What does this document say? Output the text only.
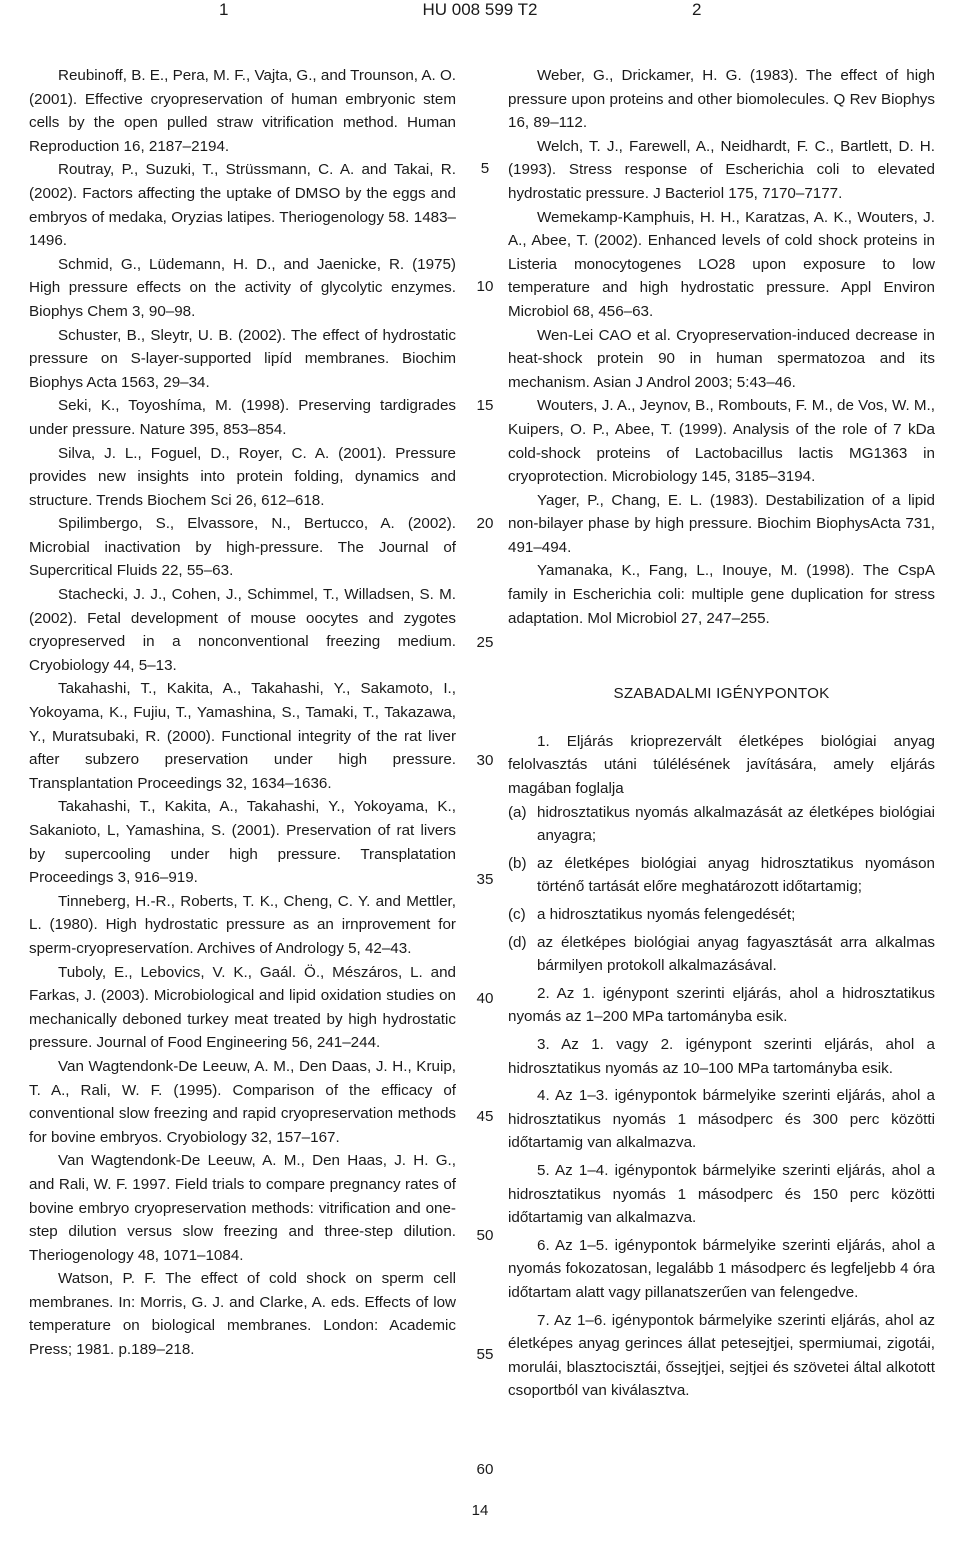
1	HU 008 599 T2	2

Reubinoff, B. E., Pera, M. F., Vajta, G., and Trounson, A. O. (2001). Effective cryopreservation of human embryonic stem cells by the open pulled straw vitrification method. Human Reproduction 16, 2187–2194.

Routray, P., Suzuki, T., Strüssmann, C. A. and Takai, R. (2002). Factors affecting the uptake of DMSO by the eggs and embryos of medaka, Oryzias latipes. Theriogenology 58. 1483–1496.

Schmid, G., Lüdemann, H. D., and Jaenicke, R. (1975) High pressure effects on the activity of glycolytic enzymes. Biophys Chem 3, 90–98.

Schuster, B., Sleytr, U. B. (2002). The effect of hydrostatic pressure on S-layer-supported lipíd membranes. Biochim Biophys Acta 1563, 29–34.

Seki, K., Toyoshíma, M. (1998). Preserving tardigrades under pressure. Nature 395, 853–854.

Silva, J. L., Foguel, D., Royer, C. A. (2001). Pressure provides new insights into protein folding, dynamics and structure. Trends Biochem Sci 26, 612–618.

Spilimbergo, S., Elvassore, N., Bertucco, A. (2002). Microbial inactivation by high-pressure. The Journal of Supercritical Fluids 22, 55–63.

Stachecki, J. J., Cohen, J., Schimmel, T., Willadsen, S. M. (2002). Fetal development of mouse oocytes and zygotes cryopreserved in a nonconventional freezing medium. Cryobiology 44, 5–13.

Takahashi, T., Kakita, A., Takahashi, Y., Sakamoto, I., Yokoyama, K., Fujiu, T., Yamashina, S., Tamaki, T., Takazawa, Y., Muratsubaki, R. (2000). Functional integrity of the rat liver after subzero preservation under high pressure. Transplantation Proceedings 32, 1634–1636.

Takahashi, T., Kakita, A., Takahashi, Y., Yokoyama, K., Sakanioto, L, Yamashina, S. (2001). Preservation of rat livers by supercooling under high pressure. Transplatation Proceedings 3, 916–919.

Tinneberg, H.-R., Roberts, T. K., Cheng, C. Y. and Mettler, L. (1980). High hydrostatic pressure as an irnprovement for sperm-cryopreservatíon. Archives of Andrology 5, 42–43.

Tuboly, E., Lebovics, V. K., Gaál. Ö., Mészáros, L. and Farkas, J. (2003). Microbiological and lipid oxidation studies on mechanically deboned turkey meat treated by high hydrostatic pressure. Journal of Food Engineering 56, 241–244.

Van Wagtendonk-De Leeuw, A. M., Den Daas, J. H., Kruip, T. A., Rali, W. F. (1995). Comparison of the efficacy of conventional slow freezing and rapid cryopreservation methods for bovine embryos. Cryobiology 32, 157–167.

Van Wagtendonk-De Leeuw, A. M., Den Haas, J. H. G., and Rali, W. F. 1997. Field trials to compare pregnancy rates of bovine embryo cryopreservation methods: vitrification and one-step dilution versus slow freezing and three-step dilution. Theriogenology 48, 1071–1084.

Watson, P. F. The effect of cold shock on sperm cell membranes. In: Morris, G. J. and Clarke, A. eds. Effects of low temperature on biological membranes. London: Academic Press; 1981. p.189–218.

Weber, G., Drickamer, H. G. (1983). The effect of high pressure upon proteins and other biomolecules. Q Rev Biophys 16, 89–112.

Welch, T. J., Farewell, A., Neidhardt, F. C., Bartlett, D. H. (1993). Stress response of Escherichia coli to elevated hydrostatic pressure. J Bacteriol 175, 7170–7177.

Wemekamp-Kamphuis, H. H., Karatzas, A. K., Wouters, J. A., Abee, T. (2002). Enhanced levels of cold shock proteins in Listeria monocytogenes LO28 upon exposure to low temperature and high hydrostatic pressure. Appl Environ Microbiol 68, 456–63.

Wen-Lei CAO et al. Cryopreservation-induced decrease in heat-shock protein 90 in human spermatozoa and its mechanism. Asian J Androl 2003; 5:43–46.

Wouters, J. A., Jeynov, B., Rombouts, F. M., de Vos, W. M., Kuipers, O. P., Abee, T. (1999). Analysis of the role of 7 kDa cold-shock proteins of Lactobacillus lactis MG1363 in cryoprotection. Microbiology 145, 3185–3194.

Yager, P., Chang, E. L. (1983). Destabilization of a lipid non-bilayer phase by high pressure. Biochim BiophysActa 731, 491–494.

Yamanaka, K., Fang, L., Inouye, M. (1998). The CspA family in Escherichia coli: multiple gene duplication for stress adaptation. Mol Microbiol 27, 247–255.

SZABADALMI IGÉNYPONTOK

1. Eljárás krioprezervált életképes biológiai anyag felolvasztás utáni túlélésének javítására, amely eljárás magában foglalja

(a) hidrosztatikus nyomás alkalmazását az életképes biológiai anyagra;
(b) az életképes biológiai anyag hidrosztatikus nyomáson történő tartását előre meghatározott időtartamig;
(c) a hidrosztatikus nyomás felengedését;
(d) az életképes biológiai anyag fagyasztását arra alkalmas bármilyen protokoll alkalmazásával.

2. Az 1. igénypont szerinti eljárás, ahol a hidrosztatikus nyomás az 1–200 MPa tartományba esik.

3. Az 1. vagy 2. igénypont szerinti eljárás, ahol a hidrosztatikus nyomás az 10–100 MPa tartományba esik.

4. Az 1–3. igénypontok bármelyike szerinti eljárás, ahol a hidrosztatikus nyomás 1 másodperc és 300 perc közötti időtartamig van alkalmazva.

5. Az 1–4. igénypontok bármelyike szerinti eljárás, ahol a hidrosztatikus nyomás 1 másodperc és 150 perc közötti időtartamig van alkalmazva.

6. Az 1–5. igénypontok bármelyike szerinti eljárás, ahol a nyomás fokozatosan, legalább 1 másodperc és legfeljebb 4 óra időtartam alatt vagy pillanatszerűen van felengedve.

7. Az 1–6. igénypontok bármelyike szerinti eljárás, ahol az életképes anyag gerinces állat petesejtjei, spermiumai, zigotái, morulái, blasztocisztái, őssejtjei, sejtjei és szövetei által alkotott csoportból van kiválasztva.

5
10
15
20
25
30
35
40
45
50
55
60
14
